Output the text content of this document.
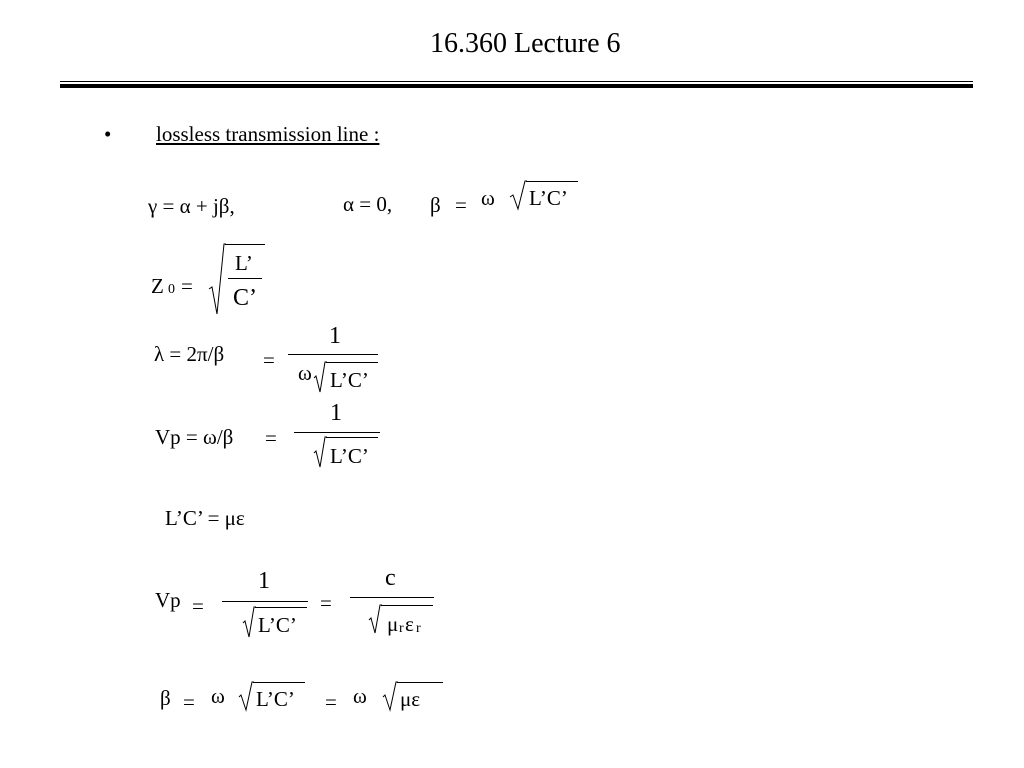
16.360 Lecture 6
• lossless transmission line :
γ = α + jβ,	α = 0, β = ω L’C’
Z 0 =
L’
C’
λ = 2π/β =
1
ω L’C’
Vp = ω/β =
1
L’C’
L’C’ = με
Vp =
1
L’C’
=
c
μ r ε r
β = ω L’C’ = ω με
